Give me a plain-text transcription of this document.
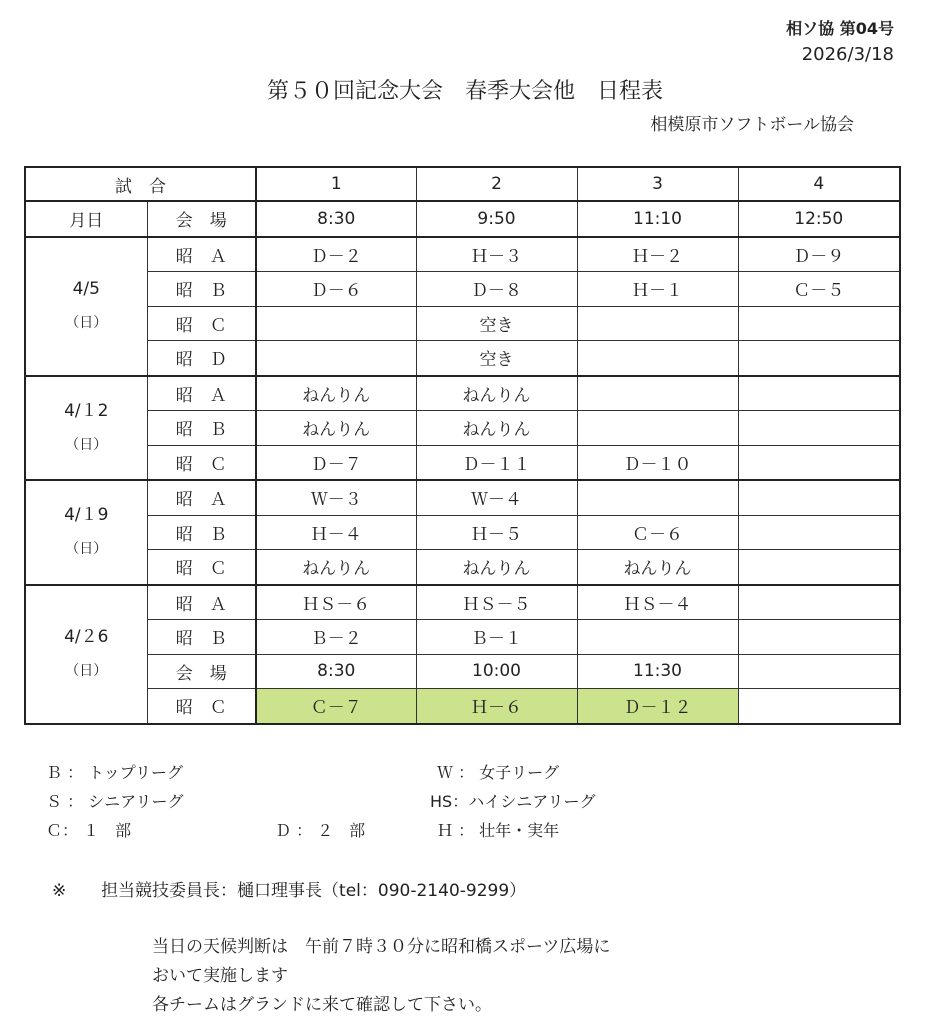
相ソ協 第04号
2026/3/18
第５０回記念大会　春季大会他　日程表
相模原市ソフトボール協会
試　合		1	2	3	4
月日	会　場	8:30	9:50	11:10	12:50

4/5
（日）	昭　Ａ	Ｄ－２	Ｈ－３	Ｈ－２	Ｄ－９
	昭　Ｂ	Ｄ－６	Ｄ－８	Ｈ－１	Ｃ－５
	昭　Ｃ		空き		
	昭　Ｄ		空き		

4/１2
（日）	昭　Ａ	ねんりん	ねんりん		
	昭　Ｂ	ねんりん	ねんりん		
	昭　Ｃ	Ｄ－７	Ｄ－１１	Ｄ－１０	

4/１9
（日）	昭　Ａ	Ｗ－３	Ｗ－４		
	昭　Ｂ	Ｈ－４	Ｈ－５	Ｃ－６	
	昭　Ｃ	ねんりん	ねんりん	ねんりん	

4/２6
（日）	昭　Ａ	ＨＳ－６	ＨＳ－５	ＨＳ－４	
	昭　Ｂ	Ｂ－２	Ｂ－１		
	会　場	8:30	10:00	11:30	
	昭　Ｃ	Ｃ－７	Ｈ－６	Ｄ－１２	
Ｂ ： トップリーグ	Ｗ ： 女子リーグ
Ｓ ： シニアリーグ	HS：ハイシニアリーグ
Ｃ： １　部	Ｄ ： ２　部	Ｈ ： 壮年・実年
※ 担当競技委員長：樋口理事長（tel：090-2140-9299）
当日の天候判断は　午前７時３０分に昭和橋スポーツ広場に
おいて実施します
各チームはグランドに来て確認して下さい。
